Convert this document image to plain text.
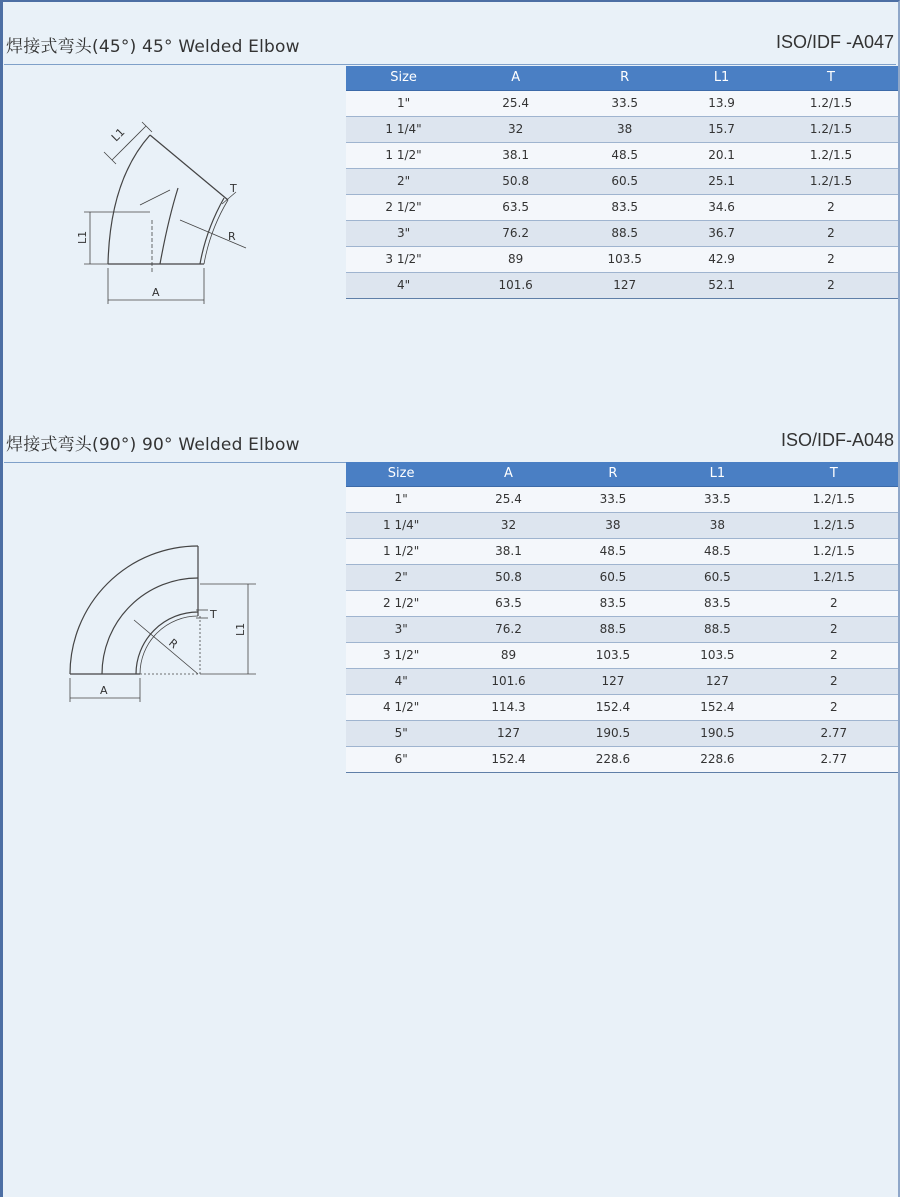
焊接式弯头(45°) 45° Welded Elbow	ISO/IDF -A047
L1
L1
T
R
A
Size	A	R	L1	T
1"	25.4	33.5	13.9	1.2/1.5
1 1/4"	32	38	15.7	1.2/1.5
1 1/2"	38.1	48.5	20.1	1.2/1.5
2"	50.8	60.5	25.1	1.2/1.5
2 1/2"	63.5	83.5	34.6	2
3"	76.2	88.5	36.7	2
3 1/2"	89	103.5	42.9	2
4"	101.6	127	52.1	2
焊接式弯头(90°) 90° Welded Elbow	ISO/IDF-A048
T
R
L1
A
Size	A	R	L1	T
1"	25.4	33.5	33.5	1.2/1.5
1 1/4"	32	38	38	1.2/1.5
1 1/2"	38.1	48.5	48.5	1.2/1.5
2"	50.8	60.5	60.5	1.2/1.5
2 1/2"	63.5	83.5	83.5	2
3"	76.2	88.5	88.5	2
3 1/2"	89	103.5	103.5	2
4"	101.6	127	127	2
4 1/2"	114.3	152.4	152.4	2
5"	127	190.5	190.5	2.77
6"	152.4	228.6	228.6	2.77
